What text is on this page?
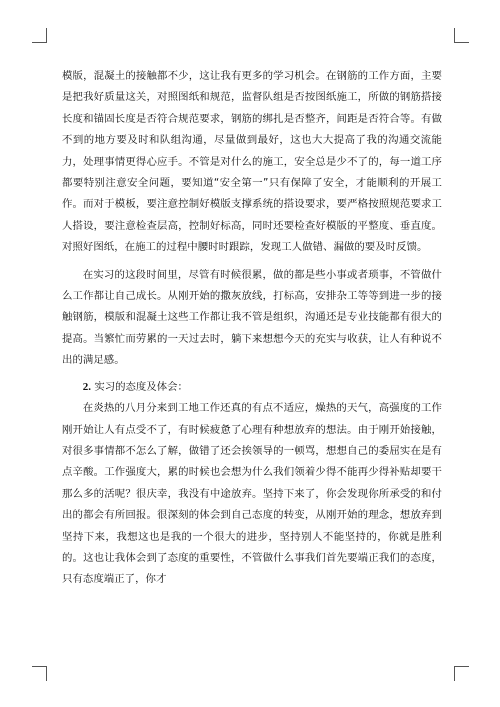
模版，混凝土的接触都不少，这让我有更多的学习机会。在钢筋的工作方面，主要是把我好质量这关，对照图纸和规范，监督队组是否按图纸施工，所做的钢筋搭接长度和锚固长度是否符合规范要求，钢筋的绑扎是否整齐，间距是否符合等。有做不到的地方要及时和队组沟通，尽量做到最好，这也大大提高了我的沟通交流能力，处理事情更得心应手。不管是对什么的施工，安全总是少不了的，每一道工序都要特别注意安全问题，要知道“安全第一”只有保障了安全，才能顺利的开展工作。而对于模板，要注意控制好模版支撑系统的搭设要求，要严格按照规范要求工人搭设，要注意检查层高，控制好标高，同时还要检查好模版的平整度、垂直度。对照好图纸，在施工的过程中腰时时跟踪，发现工人做错、漏做的要及时反馈。

在实习的这段时间里，尽管有时候很累，做的都是些小事或者琐事，不管做什么工作都让自己成长。从刚开始的撒灰放线，打标高，安排杂工等等到进一步的接触钢筋，模版和混凝土这些工作都让我不管是组织，沟通还是专业技能都有很大的提高。当繁忙而劳累的一天过去时，躺下来想想今天的充实与收获，让人有种说不出的满足感。

2. 实习的态度及体会：

在炎热的八月分来到工地工作还真的有点不适应，燥热的天气，高强度的工作刚开始让人有点受不了，有时候疲惫了心理有种想放弃的想法。由于刚开始接触，对很多事情都不怎么了解，做错了还会挨领导的一顿骂，想想自己的委屈实在是有点辛酸。工作强度大，累的时候也会想为什么我们领着少得不能再少得补贴却要干那么多的活呢？很庆幸，我没有中途放弃。坚持下来了，你会发现你所承受的和付出的都会有所回报。很深刻的体会到自己态度的转变，从刚开始的理念，想放弃到坚持下来，我想这也是我的一个很大的进步，坚持别人不能坚持的，你就是胜利的。这也让我体会到了态度的重要性，不管做什么事我们首先要端正我们的态度，只有态度端正了，你才
